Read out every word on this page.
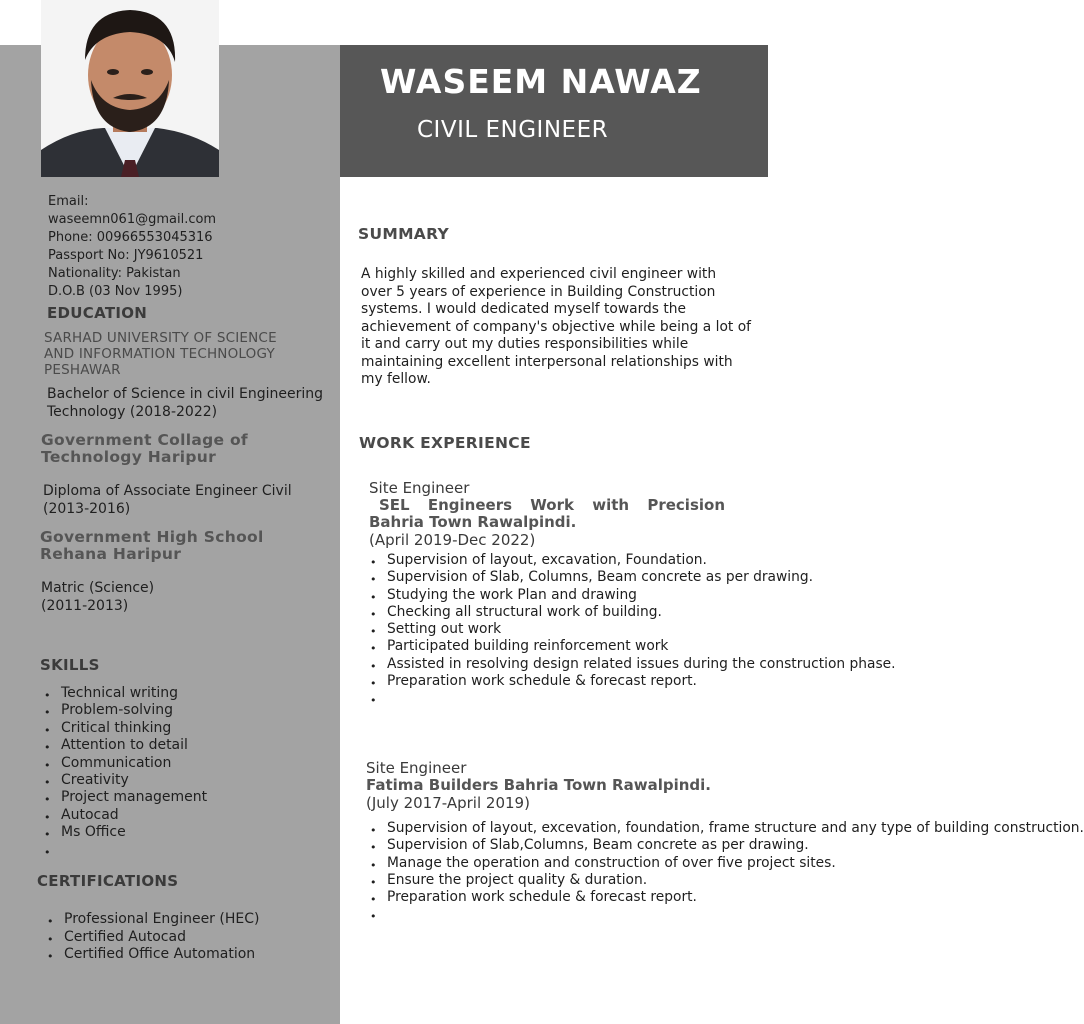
WASEEM NAWAZ
CIVIL ENGINEER
Email:
waseemn061@gmail.com
Phone: 00966553045316
Passport No: JY9610521
Nationality: Pakistan
D.O.B (03 Nov 1995)
EDUCATION
SARHAD UNIVERSITY OF SCIENCE
AND INFORMATION TECHNOLOGY
PESHAWAR
Bachelor of Science in civil Engineering
Technology (2018-2022)
Government Collage of
Technology Haripur
Diploma of Associate Engineer Civil
(2013-2016)
Government High School
Rehana Haripur
Matric (Science)
(2011-2013)
SKILLS
• Technical writing
• Problem-solving
• Critical thinking
• Attention to detail
• Communication
• Creativity
• Project management
• Autocad
• Ms Office
•
CERTIFICATIONS
• Professional Engineer (HEC)
• Certified Autocad
• Certified Office Automation
SUMMARY
A highly skilled and experienced civil engineer with over 5 years of experience in Building Construction systems. I would dedicated myself towards the achievement of company's objective while being a lot of it and carry out my duties responsibilities while maintaining excellent interpersonal relationships with my fellow.
WORK EXPERIENCE
Site Engineer
SEL Engineers Work with Precision Bahria Town Rawalpindi.
(April 2019-Dec 2022)
• Supervision of layout, excavation, Foundation.
• Supervision of Slab, Columns, Beam concrete as per drawing.
• Studying the work Plan and drawing
• Checking all structural work of building.
• Setting out work
• Participated building reinforcement work
• Assisted in resolving design related issues during the construction phase.
• Preparation work schedule & forecast report.
•
Site Engineer
Fatima Builders Bahria Town Rawalpindi.
(July 2017-April 2019)
• Supervision of layout, excevation, foundation, frame structure and any type of building construction.
• Supervision of Slab,Columns, Beam concrete as per drawing.
• Manage the operation and construction of over five project sites.
• Ensure the project quality & duration.
• Preparation work schedule & forecast report.
•
